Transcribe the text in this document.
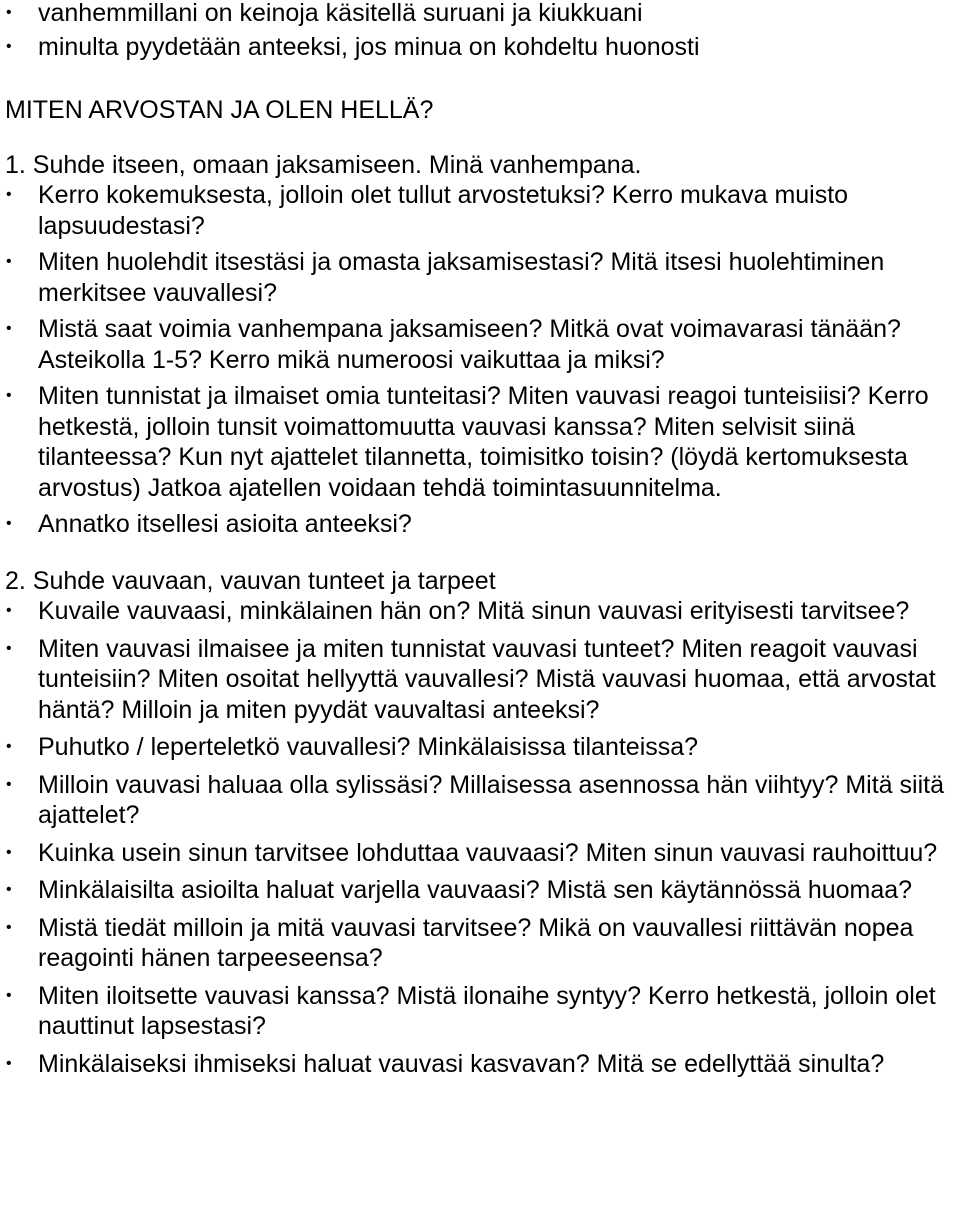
•	vanhemmillani on keinoja käsitellä suruani ja kiukkuani
•	minulta pyydetään anteeksi, jos minua on kohdeltu huonosti
MITEN ARVOSTAN JA OLEN HELLÄ?
1. Suhde itseen, omaan jaksamiseen. Minä vanhempana.
•	Kerro kokemuksesta, jolloin olet tullut arvostetuksi? Kerro mukava muisto lapsuudestasi?
•	Miten huolehdit itsestäsi ja omasta jaksamisestasi? Mitä itsesi huolehtiminen merkitsee vauvallesi?
•	Mistä saat voimia vanhempana jaksamiseen? Mitkä ovat voimavarasi tänään? Asteikolla 1-5? Kerro mikä numeroosi vaikuttaa ja miksi?
•	Miten tunnistat ja ilmaiset omia tunteitasi? Miten vauvasi reagoi tunteisiisi? Kerro hetkestä, jolloin tunsit voimattomuutta vauvasi kanssa? Miten selvisit siinä tilanteessa? Kun nyt ajattelet tilannetta, toimisitko toisin? (löydä kertomuksesta arvostus) Jatkoa ajatellen voidaan tehdä toimintasuunnitelma.
•	Annatko itsellesi asioita anteeksi?
2. Suhde vauvaan, vauvan tunteet ja tarpeet
•	Kuvaile vauvaasi, minkälainen hän on? Mitä sinun vauvasi erityisesti tarvitsee?
•	Miten vauvasi ilmaisee ja miten tunnistat vauvasi tunteet? Miten reagoit vauvasi tunteisiin? Miten osoitat hellyyttä vauvallesi? Mistä vauvasi huomaa, että arvostat häntä? Milloin ja miten pyydät vauvaltasi anteeksi?
•	Puhutko / leperteletkö vauvallesi? Minkälaisissa tilanteissa?
•	Milloin vauvasi haluaa olla sylissäsi? Millaisessa asennossa hän viihtyy? Mitä siitä ajattelet?
•	Kuinka usein sinun tarvitsee lohduttaa vauvaasi? Miten sinun vauvasi rauhoittuu?
•	Minkälaisilta asioilta haluat varjella vauvaasi? Mistä sen käytännössä huomaa?
•	Mistä tiedät milloin ja mitä vauvasi tarvitsee? Mikä on vauvallesi riittävän nopea reagointi hänen tarpeeseensa?
•	Miten iloitsette vauvasi kanssa? Mistä ilonaihe syntyy? Kerro hetkestä, jolloin olet nauttinut lapsestasi?
•	Minkälaiseksi ihmiseksi haluat vauvasi kasvavan? Mitä se edellyttää sinulta?
